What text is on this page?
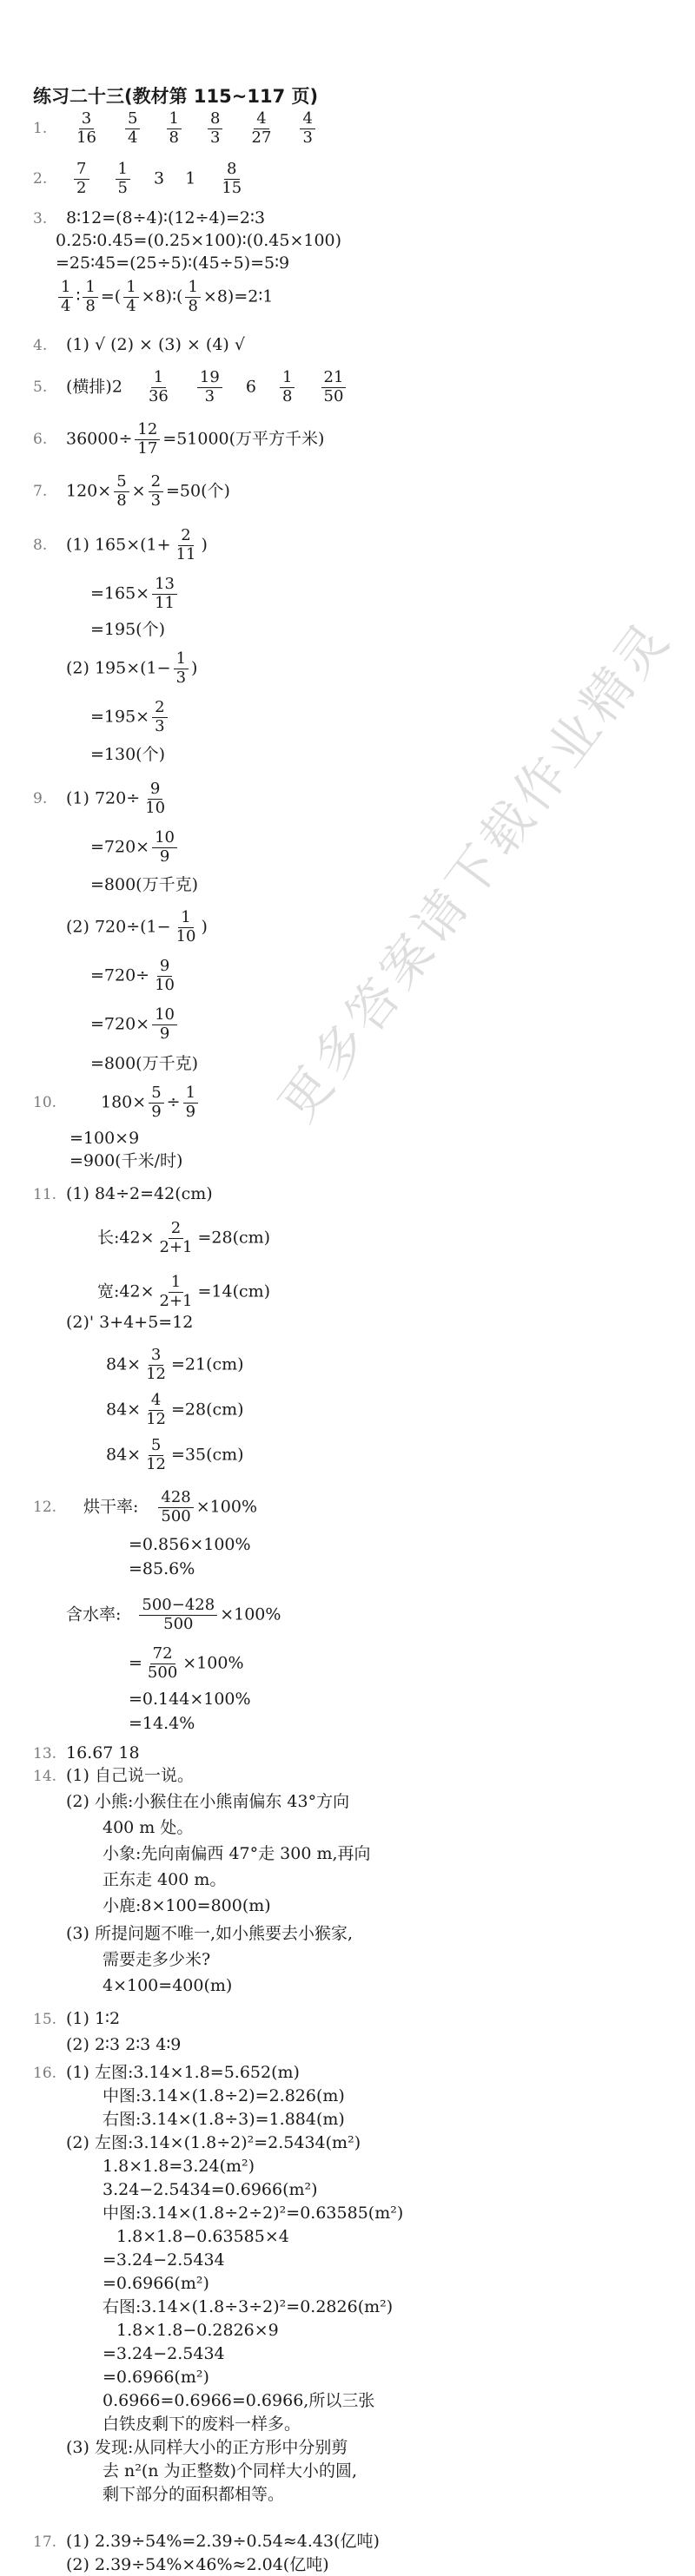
练习二十三(教材第 115~117 页)
1. $\frac{3}{16}$
$\frac{5}{4}$
$\frac{1}{8}$
$\frac{8}{3}$
$\frac{4}{27}$
$\frac{4}{3}$
2. $\frac{7}{2}$
$\frac{1}{5} 3$ $1 \frac{8}{15}$
3. 8∶12=(8÷4)∶(12÷4)=2∶3
0.25∶0.45=(0.25×100)∶(0.45×100)
=25∶45=(25÷5)∶(45÷5)=5∶9
$\frac{1}{4}$ ∶ $\frac{1}{8}$ =( $\frac{1}{4}$ ×8)∶( $\frac{1}{8}$ ×8)=2∶1
4. (1) √ (2) × (3) × (4) √
5. (横排)$2 \frac{1}{36}$
$\frac{19}{3} 6 \frac{1}{8}$
$\frac{21}{50}$
6. $36000\div \frac{12}{17} =51000$(万平方千米)
7. $120\times \frac{5}{8} \times \frac{2}{3} =50$(个)
8. (1) $165\times(1+ \frac{2}{11}$ )
$=165\times \frac{13}{11}$
=195(个)
(2) $195\times(1- \frac{1}{3}$ )
$=195\times \frac{2}{3}$
=130(个)
9. (1) $720\div \frac{9}{10}$
$=720\times \frac{10}{9}$
=800(万千克)
(2) $720\div(1- \frac{1}{10}$ )
$=720\div \frac{9}{10}$
$=720\times \frac{10}{9}$
=800(万千克)
10.	$180\times \frac{5}{9} \div \frac{1}{9}$
=100×9
=900(千米/时)
11. (1) 84÷2=42(cm)
长:42× $\frac{2}{2+1} =28(cm)$
宽:42× $\frac{1}{2+1} =14(cm)$
(2)' 3+4+5=12
$84\times \frac{3}{12} =21(cm)$
$84\times \frac{4}{12} =28(cm)$
$84\times \frac{5}{12} =35(cm)$
12. 烘干率: $\frac{428}{500} \times 100\%$
=0.856×100%
=85.6%
含水率: $\frac{500-428}{500} \times 100\%$
= $\frac{72}{500} \times 100\%$
=0.144×100%
=14.4%
13. 16.67 18
14. (1) 自己说一说。
(2) 小熊:小猴住在小熊南偏东 43°方向
400 m 处。
小象:先向南偏西 47°走 300 m,再向
正东走 400 m。
小鹿:8×100=800(m)
(3) 所提问题不唯一,如小熊要去小猴家,
需要走多少米?
4×100=400(m)
15. (1) 1∶2
(2) 2∶3 2∶3 4∶9
16. (1) 左图:3.14×1.8=5.652(m)
中图:3.14×(1.8÷2)=2.826(m)
右图:3.14×(1.8÷3)=1.884(m)
(2) 左图:3.14×(1.8÷2)²=2.5434(m²)
1.8×1.8=3.24(m²)
3.24−2.5434=0.6966(m²)
中图:3.14×(1.8÷2÷2)²=0.63585(m²)
1.8×1.8−0.63585×4
=3.24−2.5434
=0.6966(m²)
右图:3.14×(1.8÷3÷2)²=0.2826(m²)
1.8×1.8−0.2826×9
=3.24−2.5434
=0.6966(m²)
0.6966=0.6966=0.6966,所以三张
白铁皮剩下的废料一样多。
(3) 发现:从同样大小的正方形中分别剪
去 n²(n 为正整数)个同样大小的圆,
剩下部分的面积都相等。
更多答案请下载作业精灵
17. (1) 2.39÷54%=2.39÷0.54≈4.43(亿吨)
(2) 2.39÷54%×46%≈2.04(亿吨)
